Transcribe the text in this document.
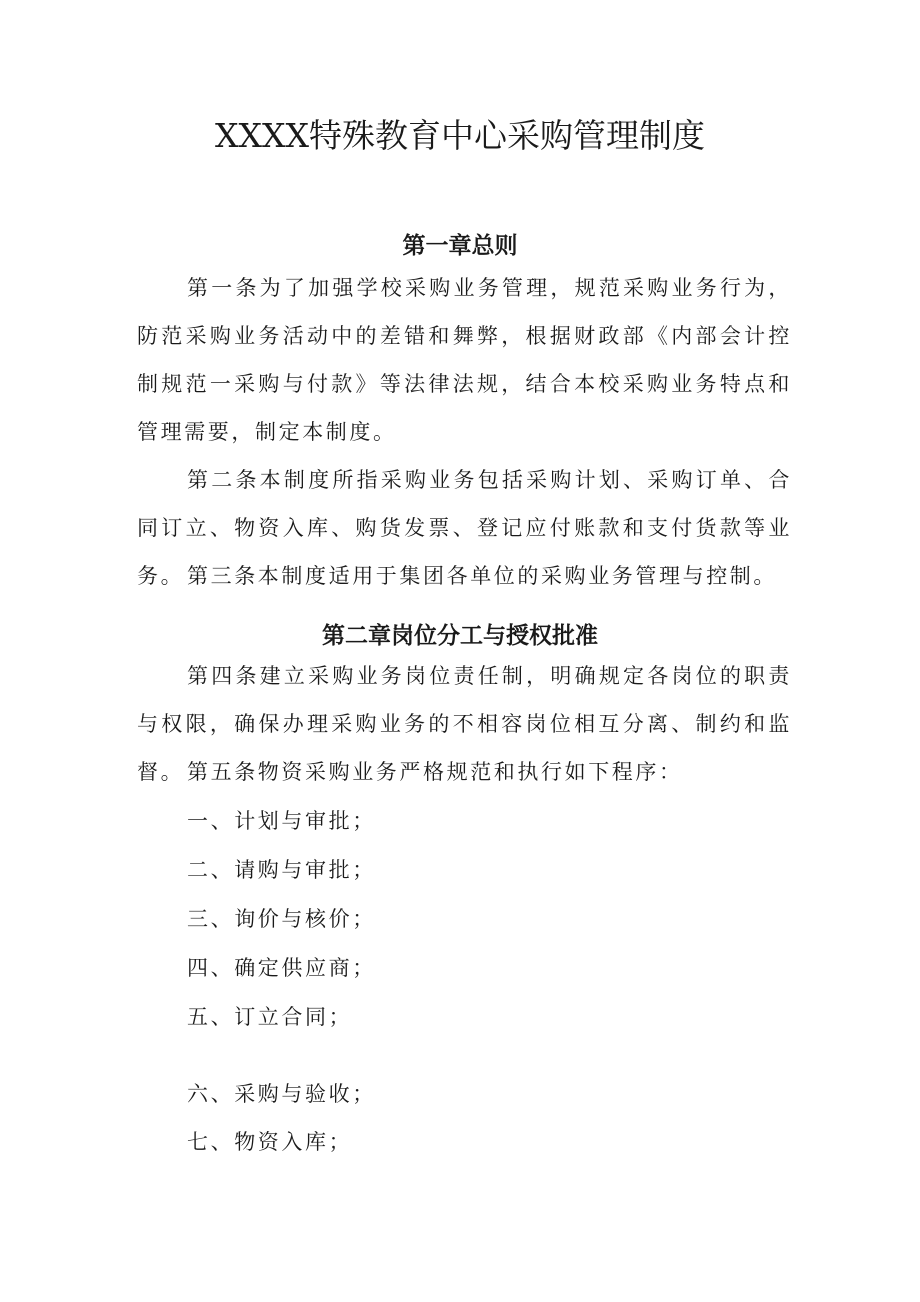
XXXX特殊教育中心采购管理制度
第一章总则
第一条为了加强学校采购业务管理，规范采购业务行为，防范采购业务活动中的差错和舞弊，根据财政部《内部会计控制规范一采购与付款》等法律法规，结合本校采购业务特点和管理需要，制定本制度。
第二条本制度所指采购业务包括采购计划、采购订单、合同订立、物资入库、购货发票、登记应付账款和支付货款等业务。 第三条本制度适用于集团各单位的采购业务管理与控制。
第二章岗位分工与授权批准
第四条建立采购业务岗位责任制，明确规定各岗位的职责与权限，确保办理采购业务的不相容岗位相互分离、制约和监督。 第五条物资采购业务严格规范和执行如下程序：
一、计划与审批；
二、请购与审批；
三、询价与核价；
四、确定供应商；
五、订立合同；
六、采购与验收；
七、物资入库；
